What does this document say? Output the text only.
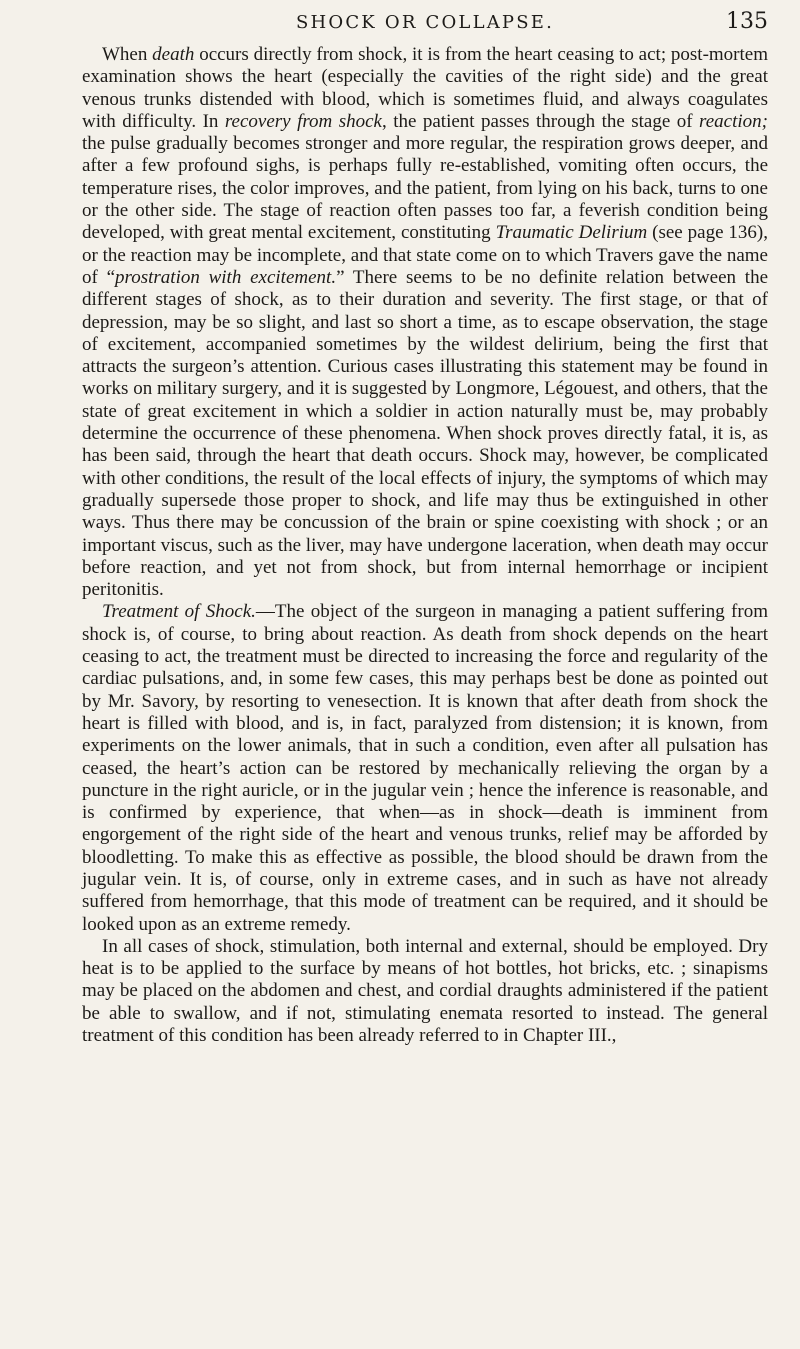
SHOCK OR COLLAPSE.	135

When death occurs directly from shock, it is from the heart ceasing to act; post-mortem examination shows the heart (especially the cavities of the right side) and the great venous trunks distended with blood, which is sometimes fluid, and always coagulates with difficulty. In recovery from shock, the patient passes through the stage of reaction; the pulse gradually becomes stronger and more regular, the respiration grows deeper, and after a few profound sighs, is perhaps fully re-established, vomiting often occurs, the temperature rises, the color improves, and the patient, from lying on his back, turns to one or the other side. The stage of reaction often passes too far, a feverish condition being developed, with great mental excitement, constituting Traumatic Delirium (see page 136), or the reaction may be incomplete, and that state come on to which Travers gave the name of “prostration with excitement.” There seems to be no definite relation between the different stages of shock, as to their duration and severity. The first stage, or that of depression, may be so slight, and last so short a time, as to escape observation, the stage of excitement, accompanied sometimes by the wildest delirium, being the first that attracts the surgeon’s attention. Curious cases illustrating this statement may be found in works on military surgery, and it is suggested by Longmore, Légouest, and others, that the state of great excitement in which a soldier in action naturally must be, may probably determine the occurrence of these phenomena. When shock proves directly fatal, it is, as has been said, through the heart that death occurs. Shock may, however, be complicated with other conditions, the result of the local effects of injury, the symptoms of which may gradually supersede those proper to shock, and life may thus be extinguished in other ways. Thus there may be concussion of the brain or spine coexisting with shock ; or an important viscus, such as the liver, may have undergone laceration, when death may occur before reaction, and yet not from shock, but from internal hemorrhage or incipient peritonitis.

Treatment of Shock.—The object of the surgeon in managing a patient suffering from shock is, of course, to bring about reaction. As death from shock depends on the heart ceasing to act, the treatment must be directed to increasing the force and regularity of the cardiac pulsations, and, in some few cases, this may perhaps best be done as pointed out by Mr. Savory, by resorting to venesection. It is known that after death from shock the heart is filled with blood, and is, in fact, paralyzed from distension; it is known, from experiments on the lower animals, that in such a condition, even after all pulsation has ceased, the heart’s action can be restored by mechanically relieving the organ by a puncture in the right auricle, or in the jugular vein ; hence the inference is reasonable, and is confirmed by experience, that when—as in shock—death is imminent from engorgement of the right side of the heart and venous trunks, relief may be afforded by bloodletting. To make this as effective as possible, the blood should be drawn from the jugular vein. It is, of course, only in extreme cases, and in such as have not already suffered from hemorrhage, that this mode of treatment can be required, and it should be looked upon as an extreme remedy.

In all cases of shock, stimulation, both internal and external, should be employed. Dry heat is to be applied to the surface by means of hot bottles, hot bricks, etc. ; sinapisms may be placed on the abdomen and chest, and cordial draughts administered if the patient be able to swallow, and if not, stimulating enemata resorted to instead. The general treatment of this condition has been already referred to in Chapter III.,
